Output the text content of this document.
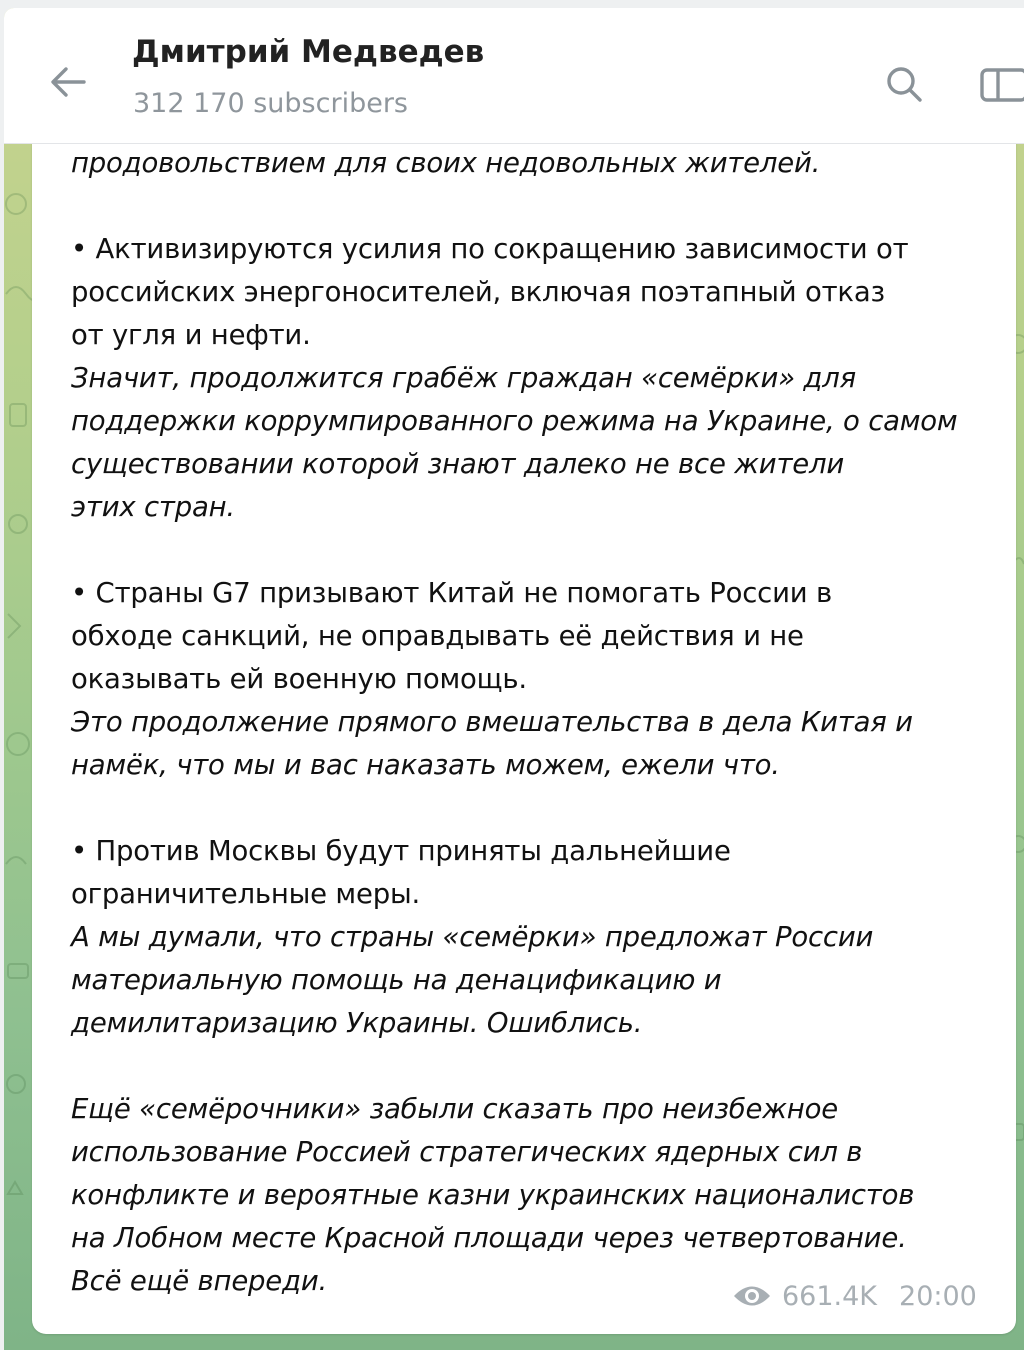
Дмитрий Медведев
312 170 subscribers
продовольствием для своих недовольных жителей.
• Активизируются усилия по сокращению зависимости от
российских энергоносителей, включая поэтапный отказ
от угля и нефти.
Значит, продолжится грабёж граждан «семёрки» для
поддержки коррумпированного режима на Украине, о самом
существовании которой знают далеко не все жители
этих стран.
• Страны G7 призывают Китай не помогать России в
обходе санкций, не оправдывать её действия и не
оказывать ей военную помощь.
Это продолжение прямого вмешательства в дела Китая и
намёк, что мы и вас наказать можем, ежели что.
• Против Москвы будут приняты дальнейшие
ограничительные меры.
А мы думали, что страны «семёрки» предложат России
материальную помощь на денацификацию и
демилитаризацию Украины. Ошиблись.
Ещё «семёрочники» забыли сказать про неизбежное
использование Россией стратегических ядерных сил в
конфликте и вероятные казни украинских националистов
на Лобном месте Красной площади через четвертование.
Всё ещё впереди.	661.4K 20:00
